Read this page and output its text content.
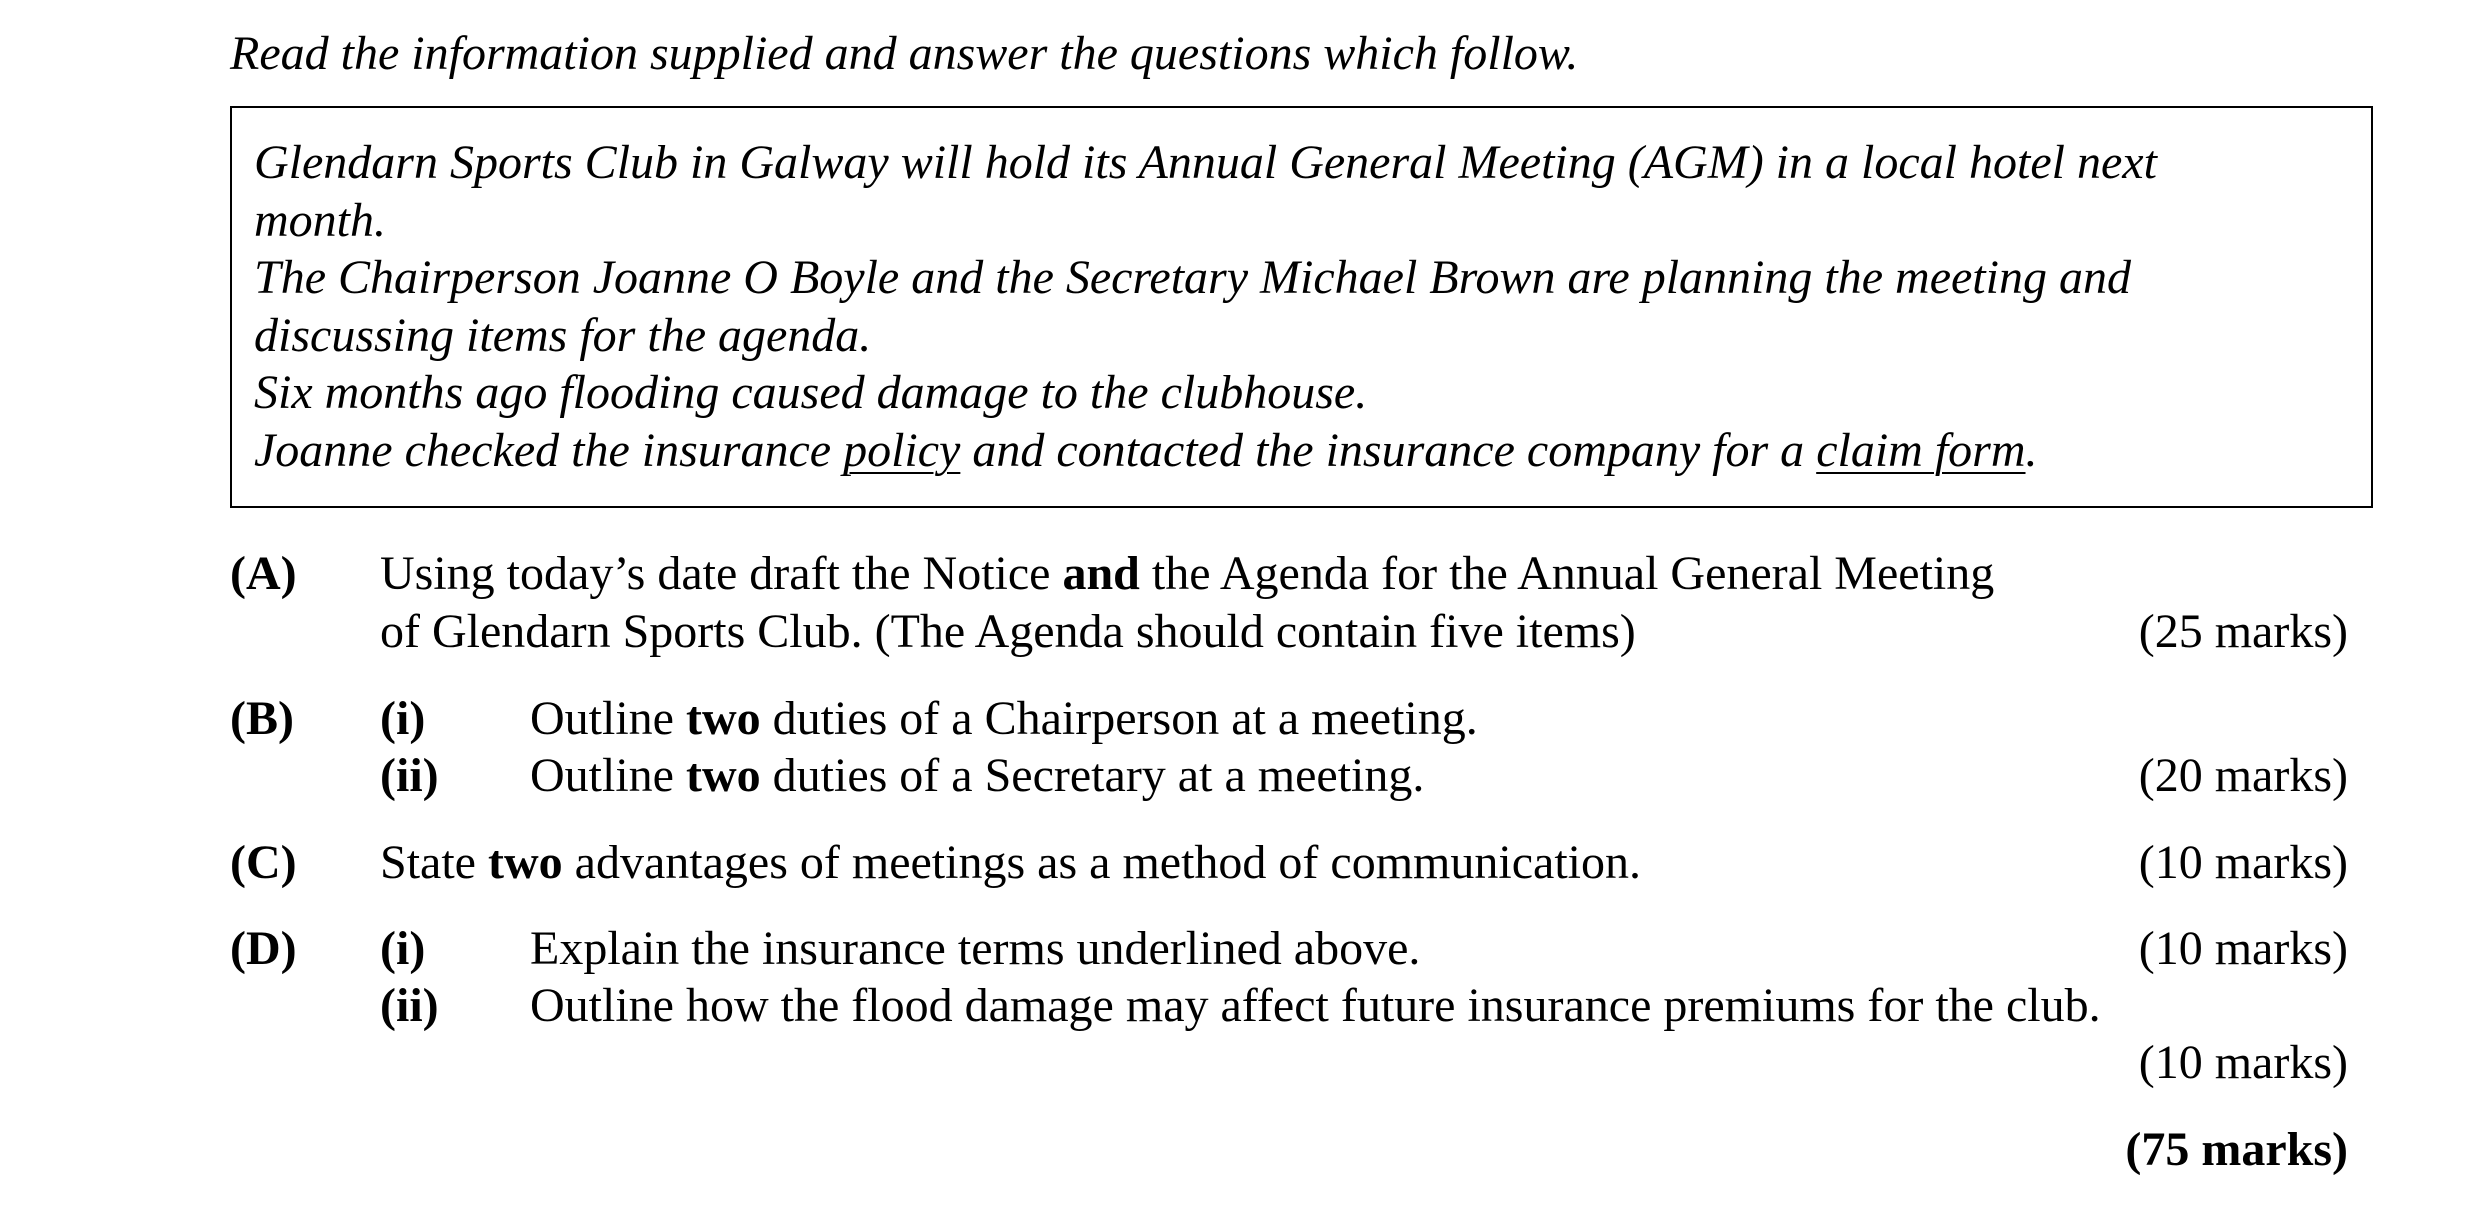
Read the information supplied and answer the questions which follow.
Glendarn Sports Club in Galway will hold its Annual General Meeting (AGM) in a local hotel next
month.
The Chairperson Joanne O Boyle and the Secretary Michael Brown are planning the meeting and
discussing items for the agenda.
Six months ago flooding caused damage to the clubhouse.
Joanne checked the insurance policy and contacted the insurance company for a claim form.
(A) Using today’s date draft the Notice and the Agenda for the Annual General Meeting
of Glendarn Sports Club. (The Agenda should contain five items)	(25 marks)
(B) (i) Outline two duties of a Chairperson at a meeting.
(ii) Outline two duties of a Secretary at a meeting.	(20 marks)
(C) State two advantages of meetings as a method of communication.	(10 marks)
(D) (i) Explain the insurance terms underlined above.	(10 marks)
(ii) Outline how the flood damage may affect future insurance premiums for the club.
(10 marks)
(75 marks)
